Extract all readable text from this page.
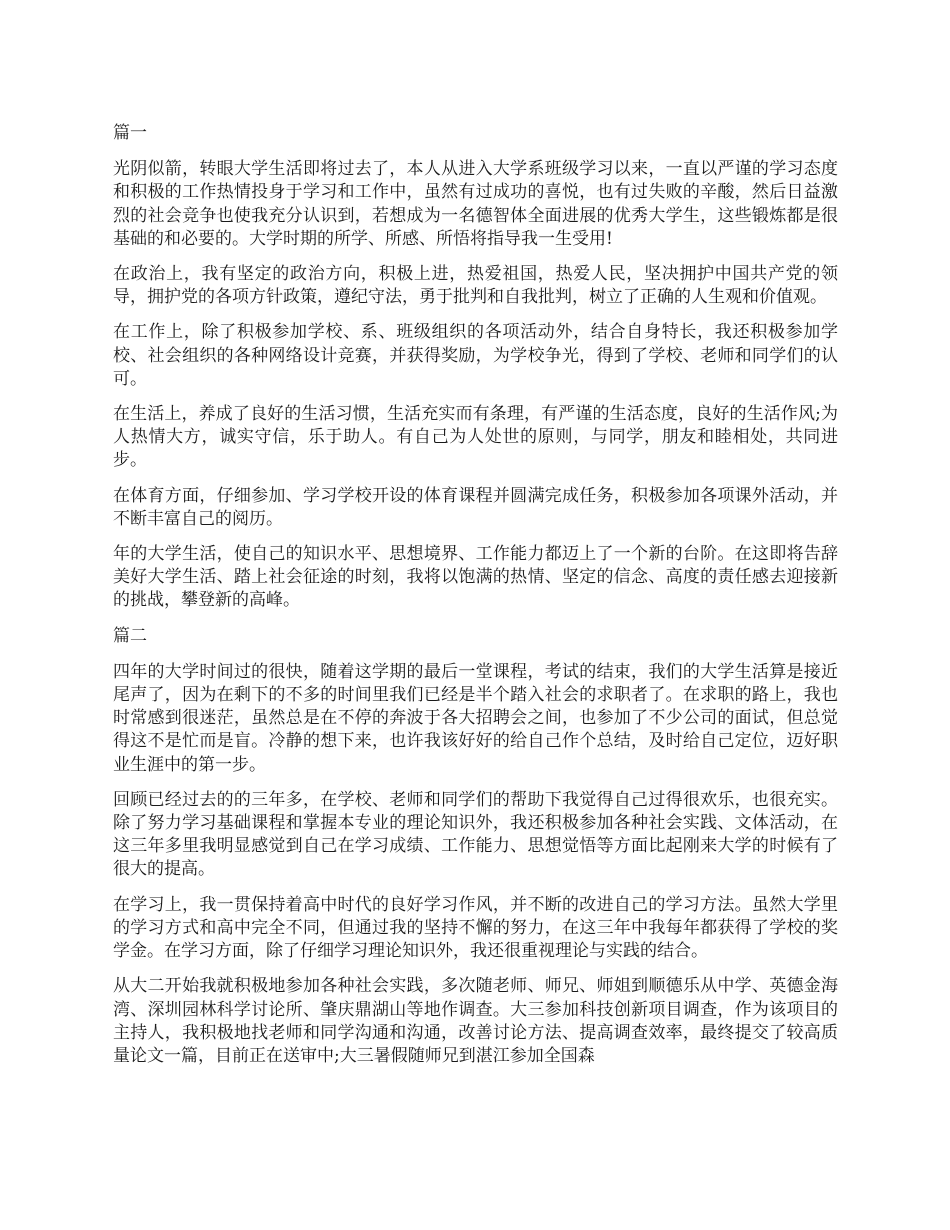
篇一

光阴似箭，转眼大学生活即将过去了，本人从进入大学系班级学习以来，一直以严谨的学习态度和积极的工作热情投身于学习和工作中，虽然有过成功的喜悦，也有过失败的辛酸，然后日益激烈的社会竞争也使我充分认识到，若想成为一名德智体全面进展的优秀大学生，这些锻炼都是很基础的和必要的。大学时期的所学、所感、所悟将指导我一生受用!

在政治上，我有坚定的政治方向，积极上进，热爱祖国，热爱人民，坚决拥护中国共产党的领导，拥护党的各项方针政策，遵纪守法，勇于批判和自我批判，树立了正确的人生观和价值观。

在工作上，除了积极参加学校、系、班级组织的各项活动外，结合自身特长，我还积极参加学校、社会组织的各种网络设计竞赛，并获得奖励，为学校争光，得到了学校、老师和同学们的认可。

在生活上，养成了良好的生活习惯，生活充实而有条理，有严谨的生活态度，良好的生活作风;为人热情大方，诚实守信，乐于助人。有自己为人处世的原则，与同学，朋友和睦相处，共同进步。

在体育方面，仔细参加、学习学校开设的体育课程并圆满完成任务，积极参加各项课外活动，并不断丰富自己的阅历。

年的大学生活，使自己的知识水平、思想境界、工作能力都迈上了一个新的台阶。在这即将告辞美好大学生活、踏上社会征途的时刻，我将以饱满的热情、坚定的信念、高度的责任感去迎接新的挑战，攀登新的高峰。

篇二

四年的大学时间过的很快，随着这学期的最后一堂课程，考试的结束，我们的大学生活算是接近尾声了，因为在剩下的不多的时间里我们已经是半个踏入社会的求职者了。在求职的路上，我也时常感到很迷茫，虽然总是在不停的奔波于各大招聘会之间，也参加了不少公司的面试，但总觉得这不是忙而是盲。冷静的想下来，也许我该好好的给自己作个总结，及时给自己定位，迈好职业生涯中的第一步。

回顾已经过去的的三年多，在学校、老师和同学们的帮助下我觉得自己过得很欢乐，也很充实。除了努力学习基础课程和掌握本专业的理论知识外，我还积极参加各种社会实践、文体活动，在这三年多里我明显感觉到自己在学习成绩、工作能力、思想觉悟等方面比起刚来大学的时候有了很大的提高。

在学习上，我一贯保持着高中时代的良好学习作风，并不断的改进自己的学习方法。虽然大学里的学习方式和高中完全不同，但通过我的坚持不懈的努力，在这三年中我每年都获得了学校的奖学金。在学习方面，除了仔细学习理论知识外，我还很重视理论与实践的结合。

从大二开始我就积极地参加各种社会实践，多次随老师、师兄、师姐到顺德乐从中学、英德金海湾、深圳园林科学讨论所、肇庆鼎湖山等地作调查。大三参加科技创新项目调查，作为该项目的主持人，我积极地找老师和同学沟通和沟通，改善讨论方法、提高调查效率，最终提交了较高质量论文一篇，目前正在送审中;大三暑假随师兄到湛江参加全国森
